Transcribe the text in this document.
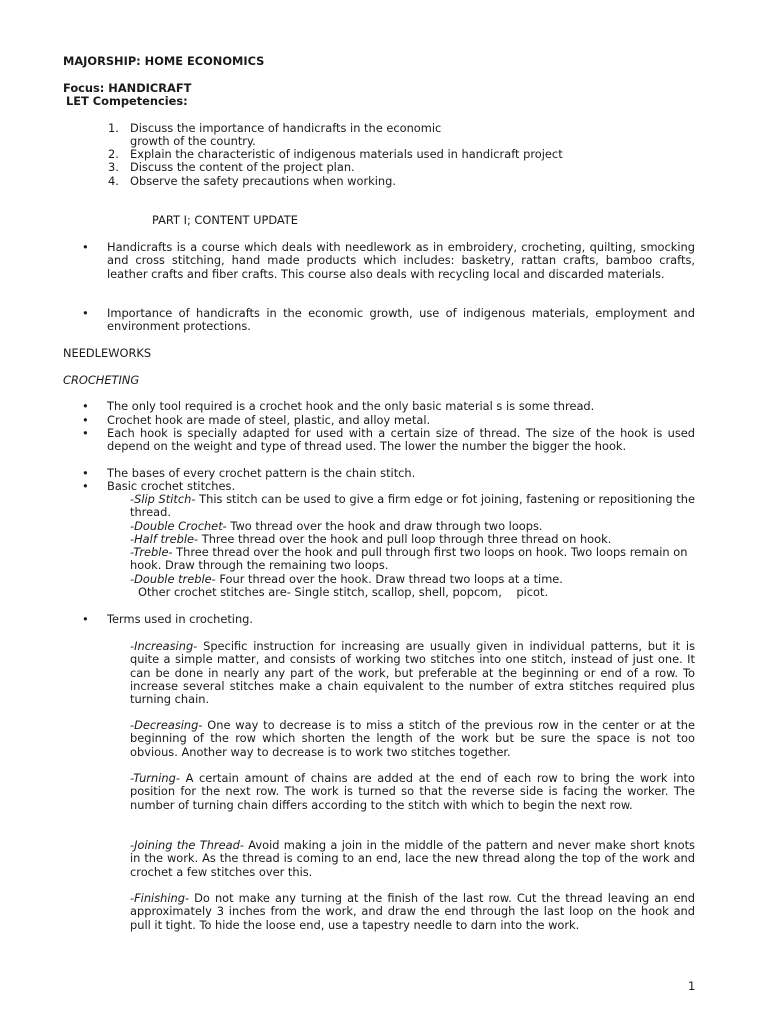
MAJORSHIP: HOME ECONOMICS
Focus: HANDICRAFT
LET Competencies:
1. Discuss the importance of handicrafts in the economic
growth of the country.
2. Explain the characteristic of indigenous materials used in handicraft project
3. Discuss the content of the project plan.
4. Observe the safety precautions when working.
PART I; CONTENT UPDATE
• Handicrafts is a course which deals with needlework as in embroidery, crocheting, quilting, smocking and cross stitching, hand made products which includes: basketry, rattan crafts, bamboo crafts, leather crafts and fiber crafts. This course also deals with recycling local and discarded materials.

• Importance of handicrafts in the economic growth, use of indigenous materials, employment and environment protections.

NEEDLEWORKS
CROCHETING
• The only tool required is a crochet hook and the only basic material s is some thread.

• Crochet hook are made of steel, plastic, and alloy metal.

• Each hook is specially adapted for used with a certain size of thread. The size of the hook is used depend on the weight and type of thread used. The lower the number the bigger the hook.

• The bases of every crochet pattern is the chain stitch.

• Basic crochet stitches.

-Slip Stitch- This stitch can be used to give a firm edge or fot joining, fastening or repositioning the thread.

-Double Crochet- Two thread over the hook and draw through two loops.

-Half treble- Three thread over the hook and pull loop through three thread on hook.

-Treble- Three thread over the hook and pull through first two loops on hook. Two loops remain on hook. Draw through the remaining two loops.

-Double treble- Four thread over the hook. Draw thread two loops at a time.

Other crochet stitches are- Single stitch, scallop, shell, popcom,    picot.
• Terms used in crocheting.

-Increasing- Specific instruction for increasing are usually given in individual patterns, but it is quite a simple matter, and consists of working two stitches into one stitch, instead of just one. It can be done in nearly any part of the work, but preferable at the beginning or end of a row. To increase several stitches make a chain equivalent to the number of extra stitches required plus turning chain.

-Decreasing- One way to decrease is to miss a stitch of the previous row in the center or at the beginning of the row which shorten the length of the work but be sure the space is not too obvious. Another way to decrease is to work two stitches together.

-Turning- A certain amount of chains are added at the end of each row to bring the work into position for the next row. The work is turned so that the reverse side is facing the worker. The number of turning chain differs according to the stitch with which to begin the next row.

-Joining the Thread- Avoid making a join in the middle of the pattern and never make short knots in the work. As the thread is coming to an end, lace the new thread along the top of the work and crochet a few stitches over this.

-Finishing- Do not make any turning at the finish of the last row. Cut the thread leaving an end approximately 3 inches from the work, and draw the end through the last loop on the hook and pull it tight. To hide the loose end, use a tapestry needle to darn into the work.

1
